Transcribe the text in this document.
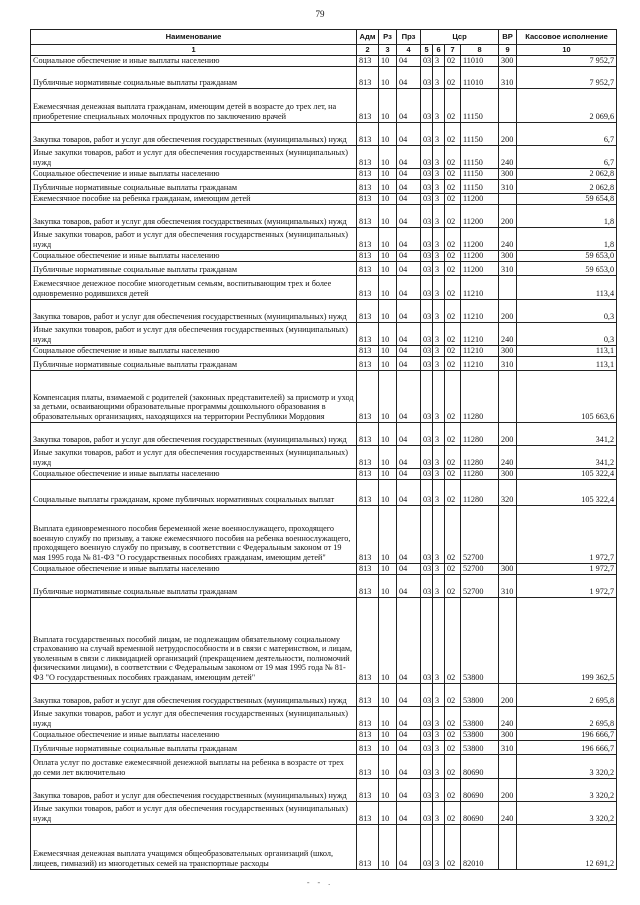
79
Наименование	Адм	Рз	Прз	Цср				ВР	Кассовое исполнение
1	2	3	4	5	6	7	8	9	10
Социальное обеспечение и иные выплаты населению	813	10	04	03	3	02	11010	300	7 952,7
Публичные нормативные социальные выплаты гражданам	813	10	04	03	3	02	11010	310	7 952,7
Ежемесячная денежная выплата гражданам, имеющим детей в возрасте до трех лет, на приобретение специальных молочных продуктов по заключению врачей	813	10	04	03	3	02	11150		2 069,6
Закупка товаров, работ и услуг для обеспечения государственных (муниципальных) нужд	813	10	04	03	3	02	11150	200	6,7
Иные закупки товаров, работ и услуг для обеспечения государственных (муниципальных) нужд	813	10	04	03	3	02	11150	240	6,7
Социальное обеспечение и иные выплаты населению	813	10	04	03	3	02	11150	300	2 062,8
Публичные нормативные социальные выплаты гражданам	813	10	04	03	3	02	11150	310	2 062,8
Ежемесячное пособие на ребенка гражданам, имеющим детей	813	10	04	03	3	02	11200		59 654,8
Закупка товаров, работ и услуг для обеспечения государственных (муниципальных) нужд	813	10	04	03	3	02	11200	200	1,8
Иные закупки товаров, работ и услуг для обеспечения государственных (муниципальных) нужд	813	10	04	03	3	02	11200	240	1,8
Социальное обеспечение и иные выплаты населению	813	10	04	03	3	02	11200	300	59 653,0
Публичные нормативные социальные выплаты гражданам	813	10	04	03	3	02	11200	310	59 653,0
Ежемесячное денежное пособие многодетным семьям, воспитывающим трех и более одновременно родившихся детей	813	10	04	03	3	02	11210		113,4
Закупка товаров, работ и услуг для обеспечения государственных (муниципальных) нужд	813	10	04	03	3	02	11210	200	0,3
Иные закупки товаров, работ и услуг для обеспечения государственных (муниципальных) нужд	813	10	04	03	3	02	11210	240	0,3
Социальное обеспечение и иные выплаты населению	813	10	04	03	3	02	11210	300	113,1
Публичные нормативные социальные выплаты гражданам	813	10	04	03	3	02	11210	310	113,1
Компенсация платы, взимаемой с родителей (законных представителей) за присмотр и уход за детьми, осваивающими образовательные программы дошкольного образования в образовательных организациях, находящихся на территории Республики Мордовия	813	10	04	03	3	02	11280		105 663,6
Закупка товаров, работ и услуг для обеспечения государственных (муниципальных) нужд	813	10	04	03	3	02	11280	200	341,2
Иные закупки товаров, работ и услуг для обеспечения государственных (муниципальных) нужд	813	10	04	03	3	02	11280	240	341,2
Социальное обеспечение и иные выплаты населению	813	10	04	03	3	02	11280	300	105 322,4
Социальные выплаты гражданам, кроме публичных нормативных социальных выплат	813	10	04	03	3	02	11280	320	105 322,4
Выплата единовременного пособия беременной жене военнослужащего, проходящего военную службу по призыву, а также ежемесячного пособия на ребенка военнослужащего, проходящего военную службу по призыву, в соответствии с Федеральным законом от 19 мая 1995 года № 81-ФЗ "О государственных пособиях гражданам, имеющим детей"	813	10	04	03	3	02	52700		1 972,7
Социальное обеспечение и иные выплаты населению	813	10	04	03	3	02	52700	300	1 972,7
Публичные нормативные социальные выплаты гражданам	813	10	04	03	3	02	52700	310	1 972,7
Выплата государственных пособий лицам, не подлежащим обязательному социальному страхованию на случай временной нетрудоспособности и в связи с материнством, и лицам, уволенным в связи с ликвидацией организаций (прекращением деятельности, полномочий физическими лицами), в соответствии с Федеральным законом от 19 мая 1995 года № 81-ФЗ "О государственных пособиях гражданам, имеющим детей"	813	10	04	03	3	02	53800		199 362,5
Закупка товаров, работ и услуг для обеспечения государственных (муниципальных) нужд	813	10	04	03	3	02	53800	200	2 695,8
Иные закупки товаров, работ и услуг для обеспечения государственных (муниципальных) нужд	813	10	04	03	3	02	53800	240	2 695,8
Социальное обеспечение и иные выплаты населению	813	10	04	03	3	02	53800	300	196 666,7
Публичные нормативные социальные выплаты гражданам	813	10	04	03	3	02	53800	310	196 666,7
Оплата услуг по доставке ежемесячной денежной выплаты на ребенка в возрасте от трех до семи лет включительно	813	10	04	03	3	02	80690		3 320,2
Закупка товаров, работ и услуг для обеспечения государственных (муниципальных) нужд	813	10	04	03	3	02	80690	200	3 320,2
Иные закупки товаров, работ и услуг для обеспечения государственных (муниципальных) нужд	813	10	04	03	3	02	80690	240	3 320,2
Ежемесячная денежная выплата учащимся общеобразовательных организаций (школ, лицеев, гимназий) из многодетных семей на транспортные расходы	813	10	04	03	3	02	82010		12 691,2
- - .
